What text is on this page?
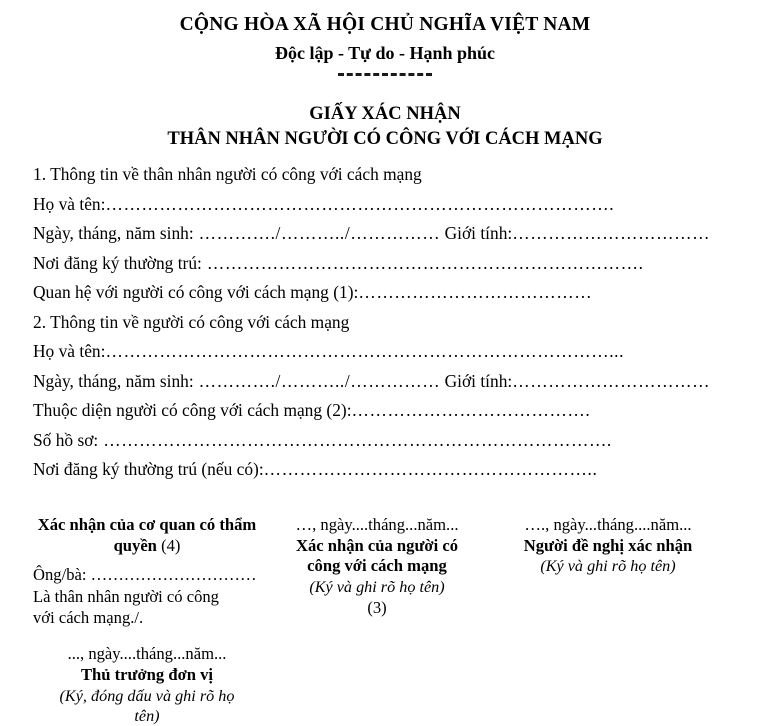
CỘNG HÒA XÃ HỘI CHỦ NGHĨA VIỆT NAM
Độc lập - Tự do - Hạnh phúc
GIẤY XÁC NHẬN
THÂN NHÂN NGƯỜI CÓ CÔNG VỚI CÁCH MẠNG
1. Thông tin về thân nhân người có công với cách mạng
Họ và tên:………………………………………………………………………….
Ngày, tháng, năm sinh: …………./………../…………… Giới tính:……………………………
Nơi đăng ký thường trú: ……………………………………………………………….
Quan hệ với người có công với cách mạng (1):…………………………………
2. Thông tin về người có công với cách mạng
Họ và tên:…………………………………………………………………………...
Ngày, tháng, năm sinh: …………./………../…………… Giới tính:……………………………
Thuộc diện người có công với cách mạng (2):………………………………….
Số hồ sơ: ………………………………………………………………………….
Nơi đăng ký thường trú (nếu có):………………………………………………..
Xác nhận của cơ quan có thẩm quyền (4)
Ông/bà: …………………………
Là thân nhân người có công
với cách mạng./.
..., ngày....tháng...năm...
Thủ trưởng đơn vị
(Ký, đóng dấu và ghi rõ họ
tên)
…, ngày....tháng...năm...
Xác nhận của người có
công với cách mạng
(Ký và ghi rõ họ tên)
(3)
…., ngày...tháng....năm...
Người đề nghị xác nhận
(Ký và ghi rõ họ tên)
